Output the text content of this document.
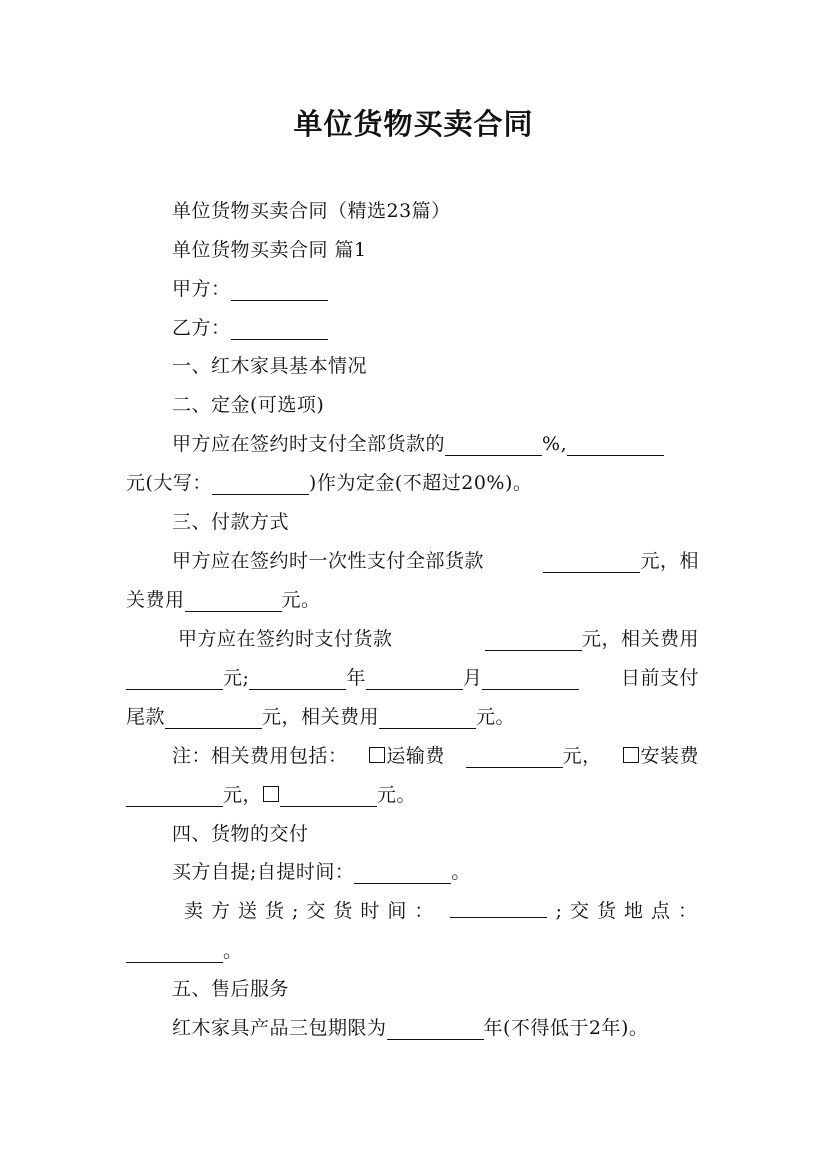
单位货物买卖合同
单位货物买卖合同（精选23篇）
单位货物买卖合同 篇1
甲方：
乙方：
一、红木家具基本情况
二、定金(可选项)
甲方应在签约时支付全部货款的	%,
元(大写：	)作为定金(不超过20%)。
三、付款方式
甲方应在签约时一次性支付全部货款	元，相
关费用	元。
甲方应在签约时支付货款	元，相关费用
元;	年	月	日前支付
尾款	元，相关费用	元。
注：相关费用包括：	运输费	元，	安装费
元，	元。
四、货物的交付
买方自提;自提时间：	。
卖方送货;交货时间：	;交货地点：
。
五、售后服务
红木家具产品三包期限为	年(不得低于2年)。
